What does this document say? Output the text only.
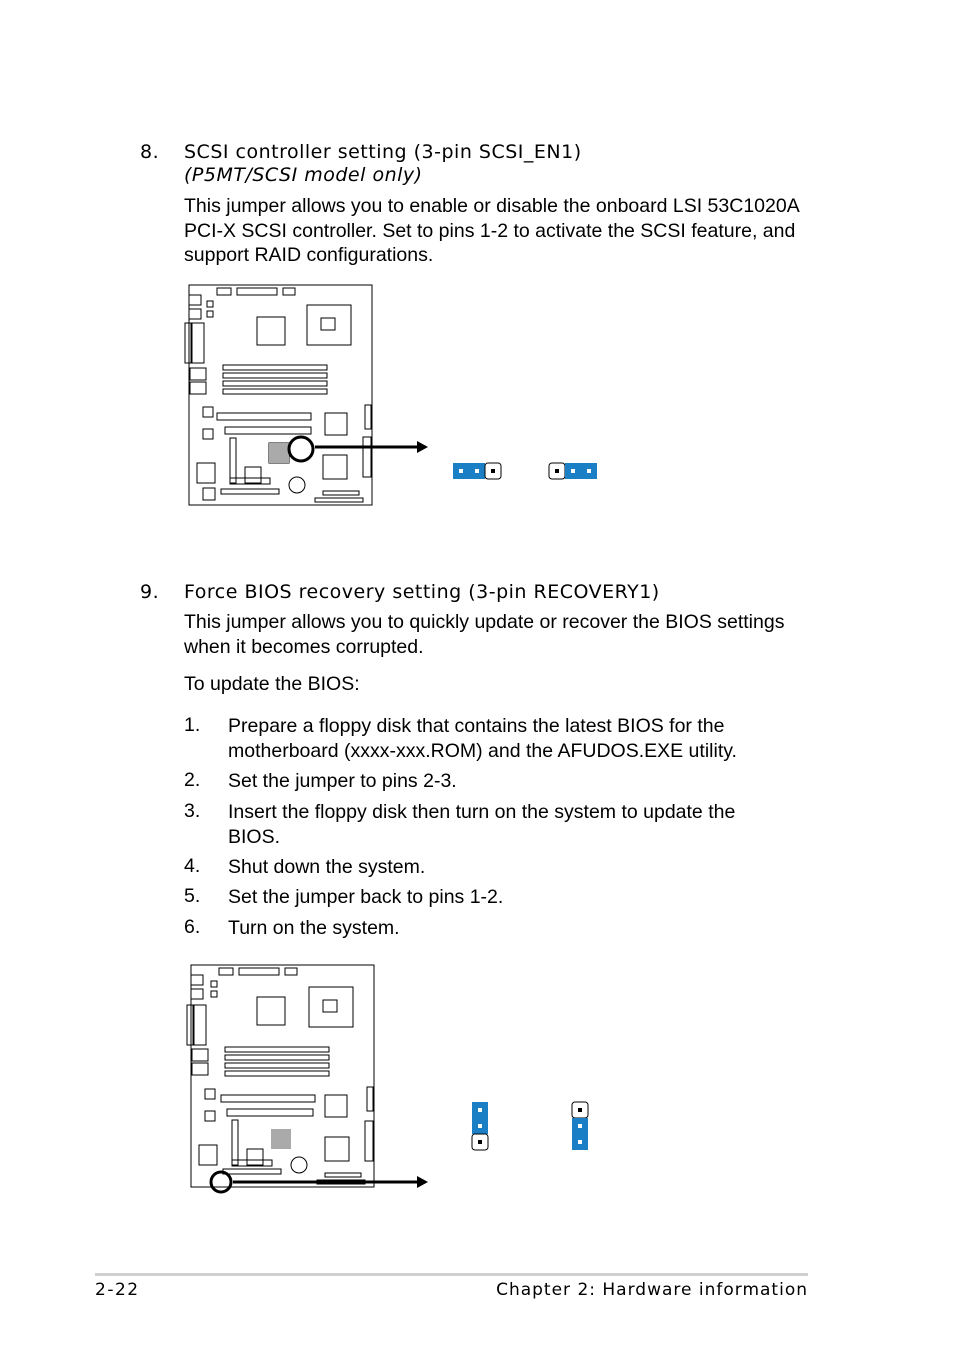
8. SCSI controller setting (3-pin SCSI_EN1)
(P5MT/SCSI model only)
This jumper allows you to enable or disable the onboard LSI 53C1020A PCI-X SCSI controller. Set to pins 1-2 to activate the SCSI feature, and support RAID configurations.
9. Force BIOS recovery setting (3-pin RECOVERY1)
This jumper allows you to quickly update or recover the BIOS settings when it becomes corrupted.
To update the BIOS:
1. Prepare a floppy disk that contains the latest BIOS for the motherboard (xxxx-xxx.ROM) and the AFUDOS.EXE utility.
2. Set the jumper to pins 2-3.
3. Insert the floppy disk then turn on the system to update the BIOS.
4. Shut down the system.
5. Set the jumper back to pins 1-2.
6. Turn on the system.
2-22	Chapter 2: Hardware information
